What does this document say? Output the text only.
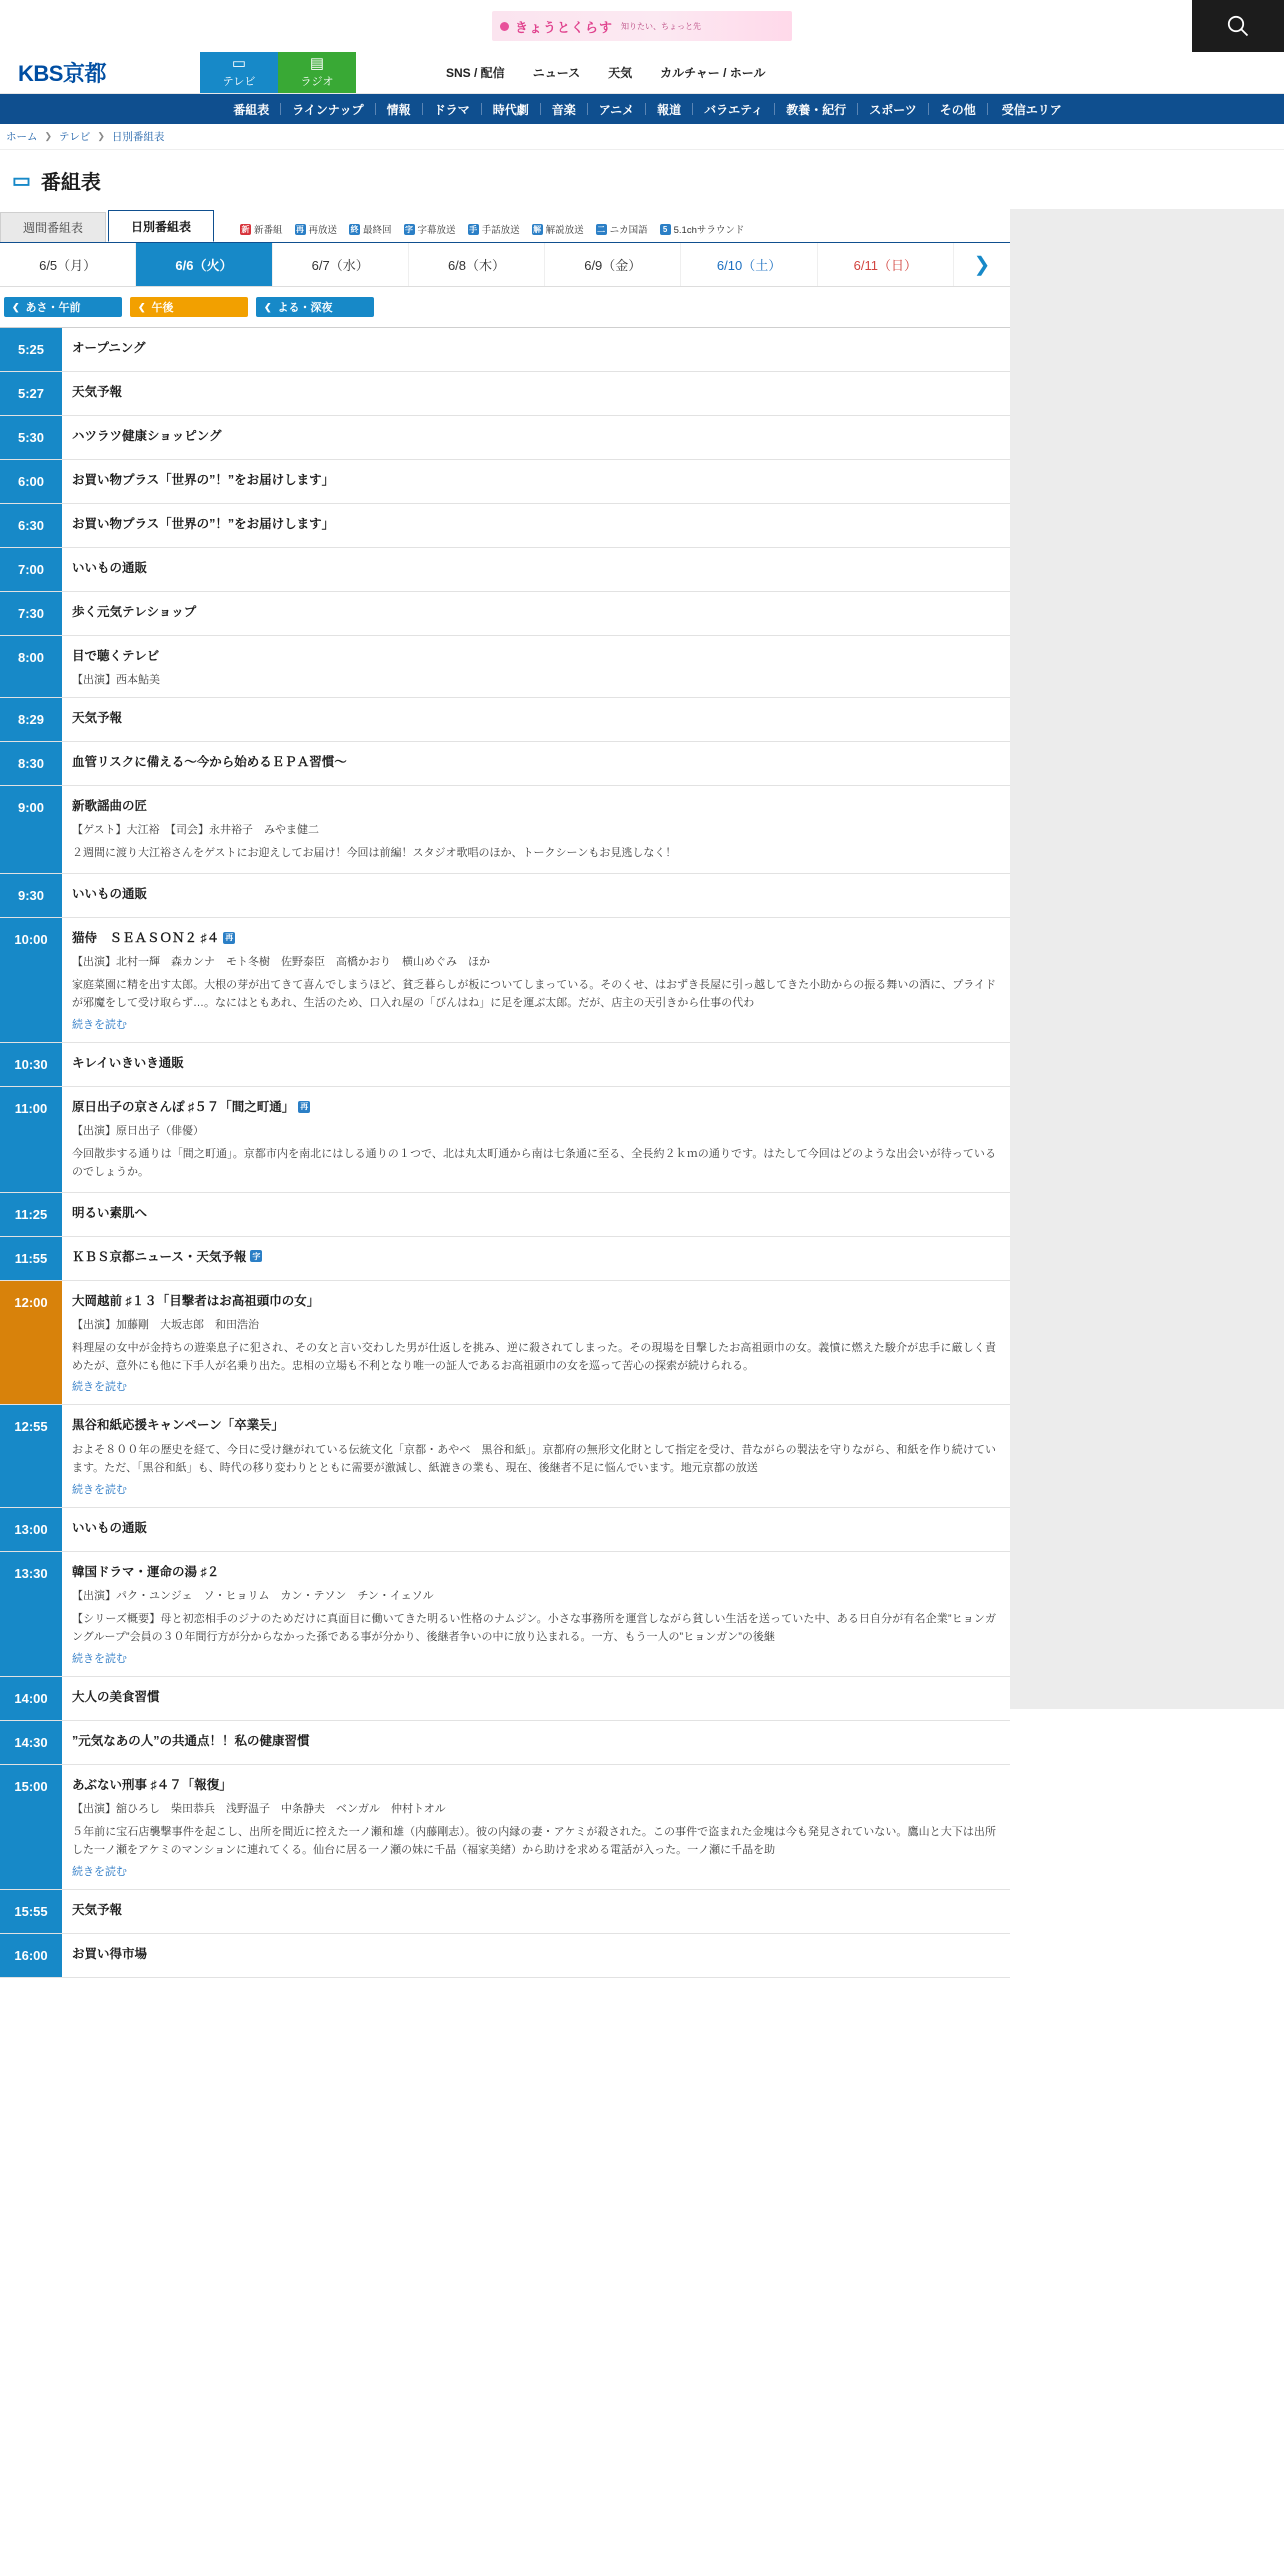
きょうとくらす 知りたい、ちょっと先
KBS京都	▭
テレビ
▤
ラジオ
SNS / 配信 ニュース 天気 カルチャー / ホール
番組表	ラインナップ	情報	ドラマ	時代劇	音楽	アニメ	報道	バラエティ	教養・紀行	スポーツ	その他	受信エリア
ホーム ❯ テレビ ❯ 日別番組表
▭ 番組表
週間番組表	日別番組表	新 新番組 再 再放送 終 最終回 字 字幕放送 手 手話放送 解 解説放送 二 ニカ国語	5 5.1chサラウンド
6/5（月）	6/6（火）	6/7（水）	6/8（木）	6/9（金）	6/10（土）	6/11（日）	❯
❮ あさ・午前	❮ 午後	❮ よる・深夜
5:25	オープニング
5:27	天気予報
5:30	ハツラツ健康ショッピング
6:00	お買い物プラス「世界の”！”をお届けします」
6:30	お買い物プラス「世界の”！”をお届けします」
7:00	いいもの通販
7:30	歩く元気テレショップ
8:00	目で聴くテレビ
【出演】西本鮎美
8:29	天気予報
8:30	血管リスクに備える〜今から始めるＥＰＡ習慣〜
9:00	新歌謡曲の匠
【ゲスト】大江裕　【司会】永井裕子　みやま健二
２週間に渡り大江裕さんをゲストにお迎えしてお届け！今回は前編！スタジオ歌唱のほか、トークシーンもお見逃しなく！
9:30	いいもの通販
10:00	猫侍　ＳＥＡＳＯＮ２ ♯４ 再
【出演】北村一輝　森カンナ　モト冬樹　佐野泰臣　高橋かおり　横山めぐみ　ほか
家庭菜園に精を出す太郎。大根の芽が出てきて喜んでしまうほど、貧乏暮らしが板についてしまっている。そのくせ、はおずき長屋に引っ越してきた小助からの振る舞いの酒に、プライドが邪魔をして受け取らず…。なにはともあれ、生活のため、口入れ屋の「びんはね」に足を運ぶ太郎。だが、店主の天引きから仕事の代わ
続きを読む
10:30	キレイいきいき通販
11:00	原日出子の京さんぽ ♯５７「間之町通」 再
【出演】原日出子（俳優）
今回散歩する通りは「間之町通」。京都市内を南北にはしる通りの１つで、北は丸太町通から南は七条通に至る、全長約２ｋｍの通りです。はたして今回はどのような出会いが待っているのでしょうか。
11:25	明るい素肌へ
11:55	ＫＢＳ京都ニュース・天気予報 字
12:00	大岡越前 ♯１３「目撃者はお高祖頭巾の女」
【出演】加藤剛　大坂志郎　和田浩治
料理屋の女中が金持ちの遊楽息子に犯され、その女と言い交わした男が仕返しを挑み、逆に殺されてしまった。その現場を目撃したお高祖頭巾の女。義憤に燃えた駿介が忠手に厳しく責めたが、意外にも他に下手人が名乗り出た。忠相の立場も不利となり唯一の証人であるお高祖頭巾の女を巡って苦心の探索が続けられる。
続きを読む
12:55	黒谷和紙応援キャンペーン「卒業듯」
およそ８００年の歴史を経て、今日に受け継がれている伝統文化「京都・あやべ　黒谷和紙」。京都府の無形文化財として指定を受け、昔ながらの製法を守りながら、和紙を作り続けています。ただ、「黒谷和紙」も、時代の移り変わりとともに需要が激減し、紙漉きの業も、現在、後継者不足に悩んでいます。地元京都の放送
続きを読む
13:00	いいもの通販
13:30	韓国ドラマ・運命の湯 ♯２
【出演】パク・ユンジェ　ソ・ヒョリム　カン・テソン　チン・イェソル
【シリーズ概要】母と初恋相手のジナのためだけに真面目に働いてきた明るい性格のナムジン。小さな事務所を運営しながら貧しい生活を送っていた中、ある日自分が有名企業”ヒョンガングループ”会員の３０年間行方が分からなかった孫である事が分かり、後継者争いの中に放り込まれる。一方、もう一人の”ヒョンガン”の後継
続きを読む
14:00	大人の美食習慣
14:30	”元気なあの人”の共通点！！私の健康習慣
15:00	あぶない刑事 ♯４７「報復」
【出演】舘ひろし　柴田恭兵　浅野温子　中条静夫　ベンガル　仲村トオル
５年前に宝石店襲撃事件を起こし、出所を間近に控えた一ノ瀬和雄（内藤剛志）。彼の内縁の妻・アケミが殺された。この事件で盗まれた金塊は今も発見されていない。鷹山と大下は出所した一ノ瀬をアケミのマンションに連れてくる。仙台に居る一ノ瀬の妹に千晶（福家美緒）から助けを求める電話が入った。一ノ瀬に千晶を助
続きを読む
15:55	天気予報
16:00	お買い得市場
